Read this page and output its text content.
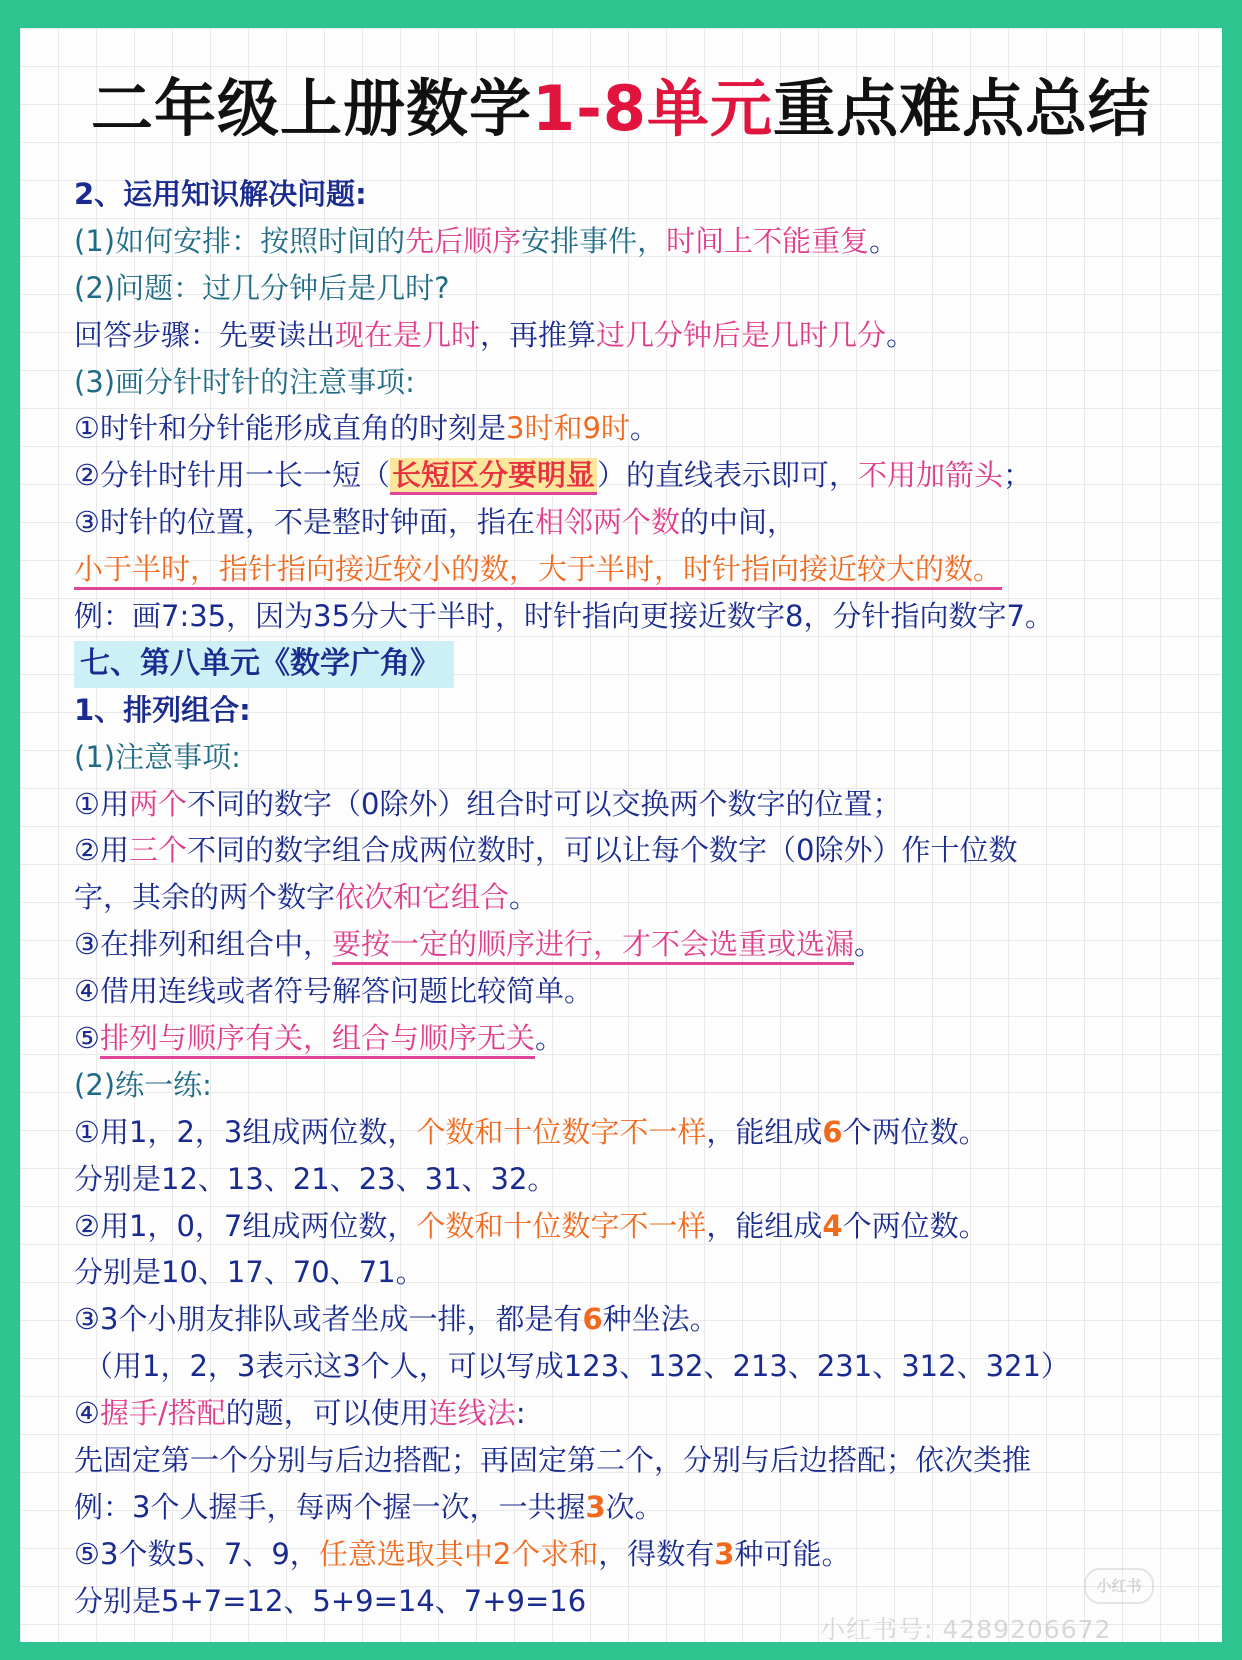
二年级上册数学1-8单元重点难点总结
2、运用知识解决问题:
(1)如何安排：按照时间的先后顺序安排事件，时间上不能重复。
(2)问题：过几分钟后是几时?
回答步骤：先要读出现在是几时，再推算过几分钟后是几时几分。
(3)画分针时针的注意事项:
①时针和分针能形成直角的时刻是3时和9时。
②分针时针用一长一短（长短区分要明显）的直线表示即可，不用加箭头；
③时针的位置，不是整时钟面，指在相邻两个数的中间，
小于半时，指针指向接近较小的数，大于半时，时针指向接近较大的数。
例：画7:35，因为35分大于半时，时针指向更接近数字8，分针指向数字7。
七、第八单元《数学广角》
1、排列组合:
(1)注意事项:
①用两个不同的数字（0除外）组合时可以交换两个数字的位置；
②用三个不同的数字组合成两位数时，可以让每个数字（0除外）作十位数
字，其余的两个数字依次和它组合。
③在排列和组合中，要按一定的顺序进行，才不会选重或选漏。
④借用连线或者符号解答问题比较简单。
⑤排列与顺序有关，组合与顺序无关。
(2)练一练:
①用1，2，3组成两位数，个数和十位数字不一样，能组成6个两位数。
分别是12、13、21、23、31、32。
②用1，0，7组成两位数，个数和十位数字不一样，能组成4个两位数。
分别是10、17、70、71。
③3个小朋友排队或者坐成一排，都是有6种坐法。
（用1，2，3表示这3个人，可以写成123、132、213、231、312、321）
④握手/搭配的题，可以使用连线法:
先固定第一个分别与后边搭配；再固定第二个，分别与后边搭配；依次类推
例：3个人握手，每两个握一次，一共握3次。
⑤3个数5、7、9，任意选取其中2个求和，得数有3种可能。
分别是5+7=12、5+9=14、7+9=16	小红书
小红书号: 4289206672
